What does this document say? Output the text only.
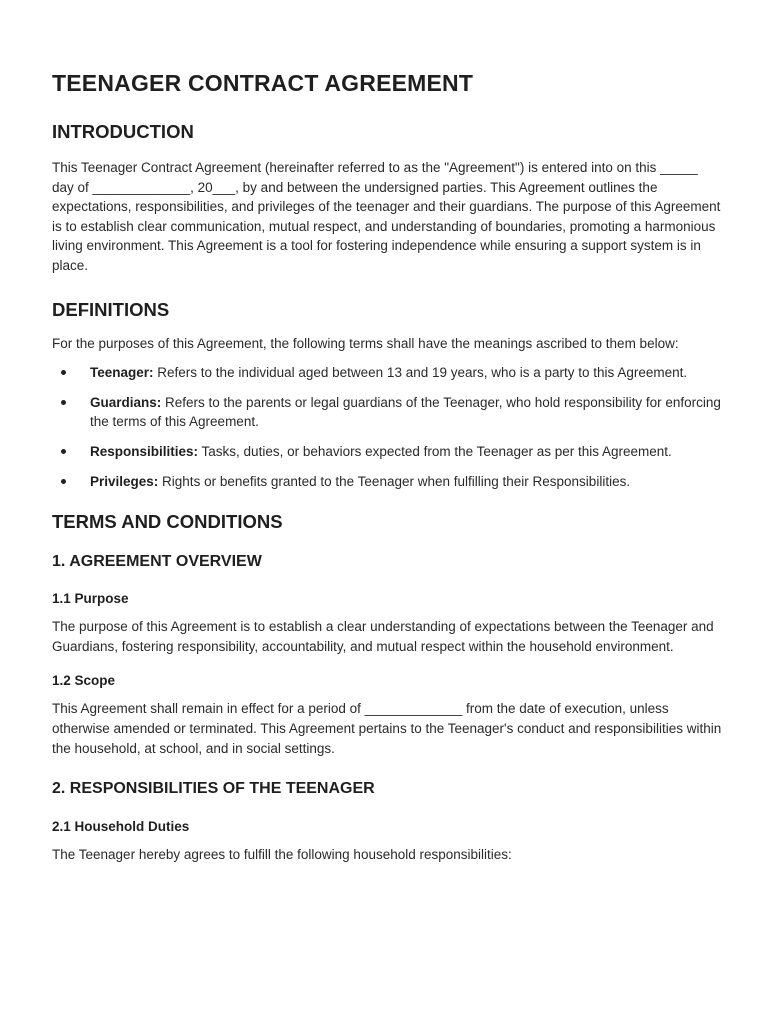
TEENAGER CONTRACT AGREEMENT
INTRODUCTION

This Teenager Contract Agreement (hereinafter referred to as the "Agreement") is entered into on this _____ day of _____________, 20___, by and between the undersigned parties. This Agreement outlines the expectations, responsibilities, and privileges of the teenager and their guardians. The purpose of this Agreement is to establish clear communication, mutual respect, and understanding of boundaries, promoting a harmonious living environment. This Agreement is a tool for fostering independence while ensuring a support system is in place.

DEFINITIONS

For the purposes of this Agreement, the following terms shall have the meanings ascribed to them below:

Teenager: Refers to the individual aged between 13 and 19 years, who is a party to this Agreement.
Guardians: Refers to the parents or legal guardians of the Teenager, who hold responsibility for enforcing the terms of this Agreement.
Responsibilities: Tasks, duties, or behaviors expected from the Teenager as per this Agreement.
Privileges: Rights or benefits granted to the Teenager when fulfilling their Responsibilities.
TERMS AND CONDITIONS
1. AGREEMENT OVERVIEW
1.1 Purpose

The purpose of this Agreement is to establish a clear understanding of expectations between the Teenager and Guardians, fostering responsibility, accountability, and mutual respect within the household environment.

1.2 Scope

This Agreement shall remain in effect for a period of _____________ from the date of execution, unless otherwise amended or terminated. This Agreement pertains to the Teenager's conduct and responsibilities within the household, at school, and in social settings.

2. RESPONSIBILITIES OF THE TEENAGER
2.1 Household Duties

The Teenager hereby agrees to fulfill the following household responsibilities:
